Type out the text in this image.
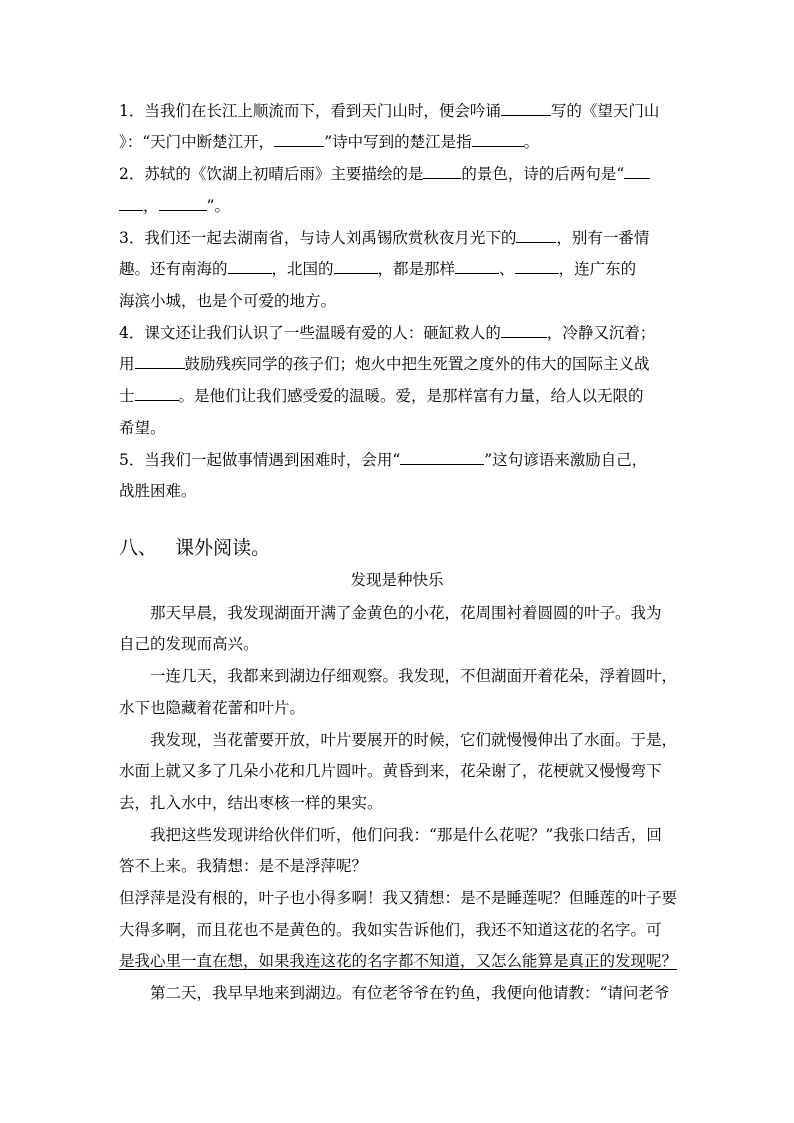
1．当我们在长江上顺流而下，看到天门山时，便会吟诵	写的《望天门山
》：“天门中断楚江开，	”诗中写到的楚江是指	。
2．苏轼的《饮湖上初晴后雨》主要描绘的是 的景色，诗的后两句是“
，	”。
3．我们还一起去湖南省，与诗人刘禹锡欣赏秋夜月光下的	，别有一番情
趣。还有南海的	，北国的	，都是那样	、	，连广东的
海滨小城，也是个可爱的地方。
4．课文还让我们认识了一些温暖有爱的人：砸缸救人的	，冷静又沉着；
用	鼓励残疾同学的孩子们；炮火中把生死置之度外的伟大的国际主义战
士	。是他们让我们感受爱的温暖。爱，是那样富有力量，给人以无限的
希望。
5．当我们一起做事情遇到困难时，会用“	”这句谚语来激励自己，
战胜困难。
八、 课外阅读。
发现是种快乐
　　那天早晨，我发现湖面开满了金黄色的小花，花周围衬着圆圆的叶子。我为
自己的发现而高兴。
　　一连几天，我都来到湖边仔细观察。我发现，不但湖面开着花朵，浮着圆叶，
水下也隐藏着花蕾和叶片。
　　我发现，当花蕾要开放，叶片要展开的时候，它们就慢慢伸出了水面。于是，
水面上就又多了几朵小花和几片圆叶。黄昏到来，花朵谢了，花梗就又慢慢弯下
去，扎入水中，结出枣核一样的果实。
　　我把这些发现讲给伙伴们听，他们问我：“那是什么花呢？”我张口结舌，回
答不上来。我猜想：是不是浮萍呢？
但浮萍是没有根的，叶子也小得多啊！我又猜想：是不是睡莲呢？但睡莲的叶子要
大得多啊，而且花也不是黄色的。我如实告诉他们，我还不知道这花的名字。可
是我心里一直在想，如果我连这花的名字都不知道，又怎么能算是真正的发现呢？
　　第二天，我早早地来到湖边。有位老爷爷在钓鱼，我便向他请教：“请问老爷
